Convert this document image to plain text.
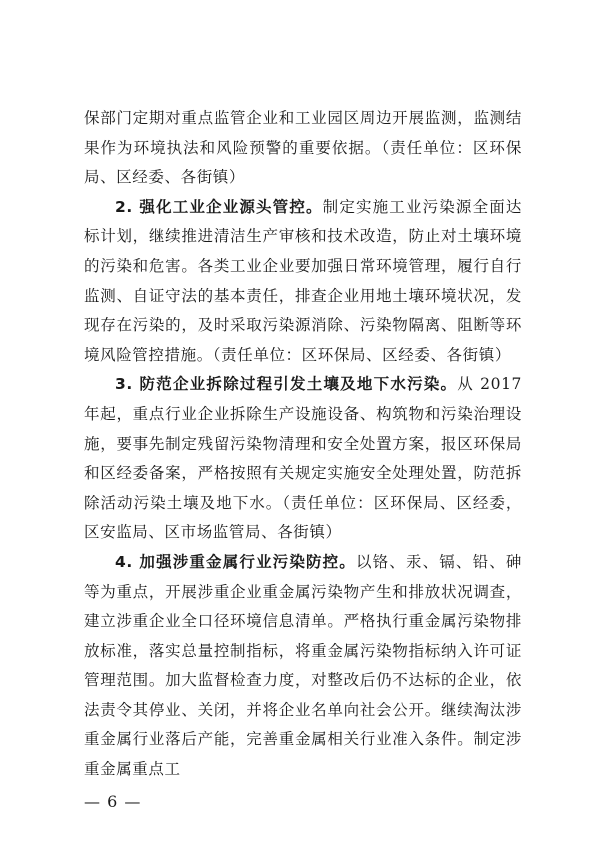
保部门定期对重点监管企业和工业园区周边开展监测，监测结果作为环境执法和风险预警的重要依据。（责任单位：区环保局、区经委、各街镇）

2. 强化工业企业源头管控。制定实施工业污染源全面达标计划，继续推进清洁生产审核和技术改造，防止对土壤环境的污染和危害。各类工业企业要加强日常环境管理，履行自行监测、自证守法的基本责任，排查企业用地土壤环境状况，发现存在污染的，及时采取污染源消除、污染物隔离、阻断等环境风险管控措施。（责任单位：区环保局、区经委、各街镇）

3. 防范企业拆除过程引发土壤及地下水污染。从 2017 年起，重点行业企业拆除生产设施设备、构筑物和污染治理设施，要事先制定残留污染物清理和安全处置方案，报区环保局和区经委备案，严格按照有关规定实施安全处理处置，防范拆除活动污染土壤及地下水。（责任单位：区环保局、区经委，区安监局、区市场监管局、各街镇）

4. 加强涉重金属行业污染防控。以铬、汞、镉、铅、砷等为重点，开展涉重企业重金属污染物产生和排放状况调查，建立涉重企业全口径环境信息清单。严格执行重金属污染物排放标准，落实总量控制指标，将重金属污染物指标纳入许可证管理范围。加大监督检查力度，对整改后仍不达标的企业，依法责令其停业、关闭，并将企业名单向社会公开。继续淘汰涉重金属行业落后产能，完善重金属相关行业准入条件。制定涉重金属重点工

— 6 —
